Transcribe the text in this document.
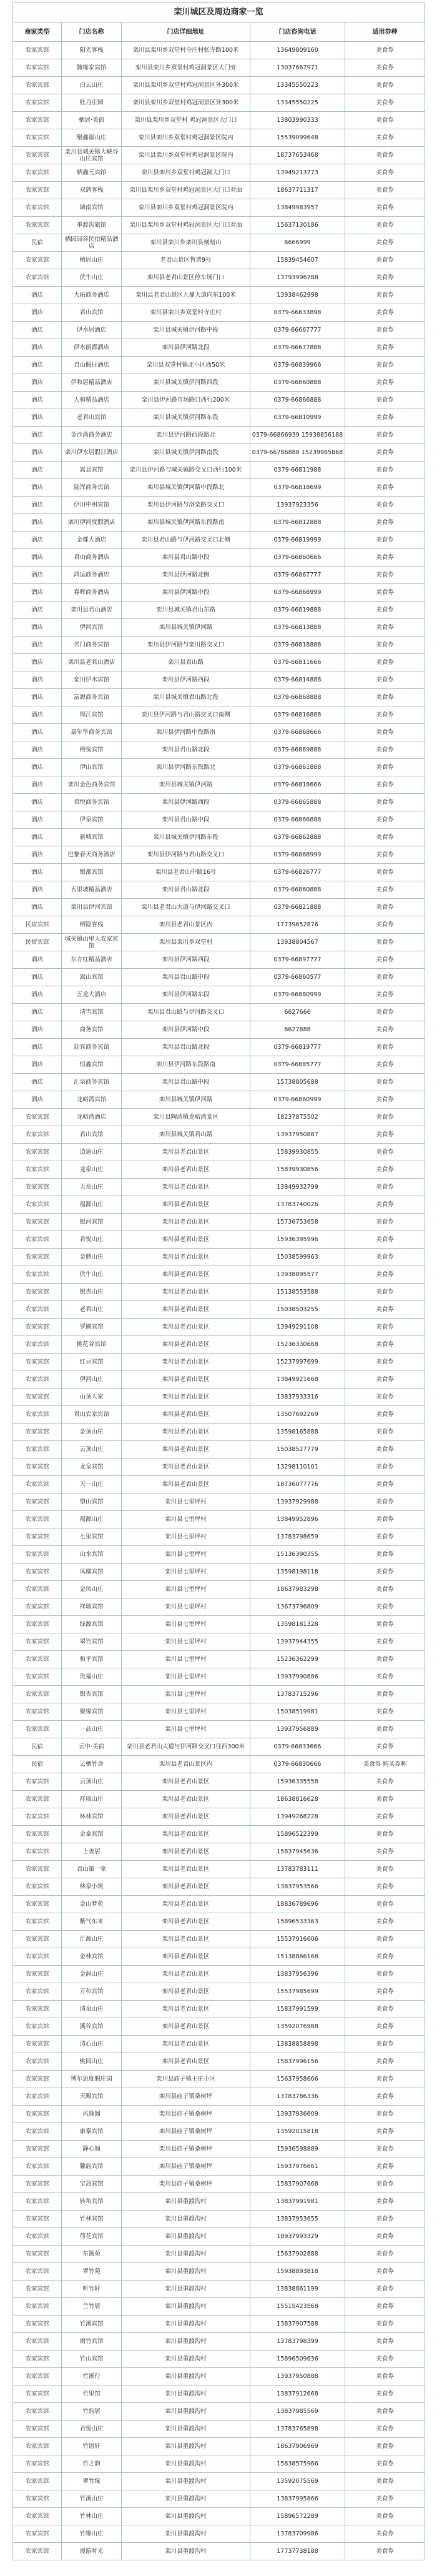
栾川城区及周边商家一览
商家类型	门店名称	门店详细地址	门店咨询电话	适用券种
农家宾馆	阳光客栈	栾川县栾川乡双堂村寺庄村张寺路100米	13649809160	美食券
农家宾馆	随缘家宾馆	栾川县栾川乡双堂村鸡冠洞景区大门旁	13037667971	美食券
农家宾馆	白云山庄	栾川县栾川乡双堂村鸡冠洞景区外300米	13345550223	美食券
农家宾馆	牡丹庄园	栾川县栾川乡双堂村鸡冠洞景区外300米	13345550225	美食券
农家宾馆	栖居·美宿	栾川县栾川乡双堂村 鸡冠洞景区大门口	13803990333	美食券
农家宾馆	聚鑫福山庄	栾川县栾川乡双堂村鸡冠洞景区院内	15539099648	美食券
农家宾馆	栾川县城关镇大峡谷山庄宾馆	栾川县栾川乡双堂村鸡冠洞景区院内	18737653468	美食券
农家宾馆	栖鑫元宾馆	栾川县栾川乡双堂村鸡冠洞大门口	13949213773	美食券
农家宾馆	双鸽客栈	栾川县栾川乡双堂村鸡冠洞景区大门口对面	18637711317	美食券
农家宾馆	城南宾馆	栾川县栾川乡双堂村鸡冠洞景区院内	13849983957	美食券
农家宾馆	重渡沟旅馆	栾川县栾川乡双堂村鸡冠洞景区大门口对面	15637130186	美食券
民宿	栖园园谷民宿精品酒店	栾川县栾川乡栾川县刻刻山	6666999	美食券
农家宾馆	栖居山庄	老君山景区售票9号	15839454607	美食券
农家宾馆	伏牛山庄	栾川县老君山景区停车场门口	13793996788	美食券
酒店	大拓商务酒店	栾川县老君山景区九鼎大道向东100米	13938462998	美食券
酒店	君山宾馆	栾川县栾川乡双堂村寺庄村	0379-66633898	美食券
酒店	伊水居酒店	栾川县城关镇伊河路中段	0379-66667777	美食券
酒店	伊水丽都酒店	栾川县伊河路北段	0379-66677888	美食券
酒店	君山假日酒店	栾川县双堂村镇北小区西50米	0379-66839966	美食券
酒店	伊和居精品酒店	栾川县城关镇伊河路西段	0379-66860888	美食券
酒店	人和精品酒店	栾川县伊河路市场路口西行200米	0379-66866888	美食券
酒店	老君山宾馆	栾川县城关镇伊河路东段	0379-66810999	美食券
酒店	金沙湾商务酒店	栾川县伊河路西段路北	0379-66866939 15938856188	美食券
酒店	栾川伊水居假日酒店	栾川县城关镇伊河路南段	0379-66786888 15239985868	美食券
酒店	嵩县宾馆	栾川县伊河路与城关镇路交叉口西行100米	0379-66811988	美食券
酒店	陆浑商务宾馆	栾川县城关镇伊河路中段路北	0379-66818699	美食券
酒店	伊川中州宾馆	栾川县伊河路与洛栾路交叉口	13937923356	美食券
酒店	栾川伊河度假酒店	栾川县城关镇伊河路东段路南	0379-66812888	美食券
酒店	金都大酒店	栾川县君山路与伊河路交叉口北侧	0379-66819999	美食券
酒店	君山商务酒店	栾川县君山路中段	0379-66860666	美食券
酒店	鸿运商务酒店	栾川县伊河路北侧	0379-66867777	美食券
酒店	春晖商务酒店	栾川县伊河路中段	0379-66866999	美食券
酒店	栾川县君山酒店	栾川县城关镇君山东路	0379-66819888	美食券
酒店	伊河宾馆	栾川县城关镇伊河路	0379-66813888	美食券
酒店	名门商务宾馆	栾川县伊河路与栾川路交叉口	0379-66818888	美食券
酒店	栾川县老君山酒店	栾川县君山路	0379-66811666	美食券
酒店	栾川伊水宾馆	栾川县伊河路西段	0379-66814888	美食券
酒店	富源商务宾馆	栾川县城关镇君山路北段	0379-66868888	美食券
酒店	锦江宾馆	栾川县伊河路与君山路交叉口南侧	0379-66816888	美食券
酒店	嘉年华商务宾馆	栾川县伊河路中段路南	0379-66868666	美食券
酒店	栖悦宾馆	栾川县君山路北段	0379-66869888	美食券
酒店	伊山宾馆	栾川县伊河路东段路北	0379-66861888	美食券
酒店	栾川金色商务宾馆	栾川县城关镇伊河路	0379-66818666	美食券
酒店	君悦商务宾馆	栾川县伊河路西段	0379-66865888	美食券
酒店	伊泉宾馆	栾川县君山路中段	0379-66866888	美食券
酒店	新城宾馆	栾川县城关镇伊河路东段	0379-66862888	美食券
酒店	巴黎春天商务酒店	栾川县伊河路与君山路交叉口	0379-66868999	美食券
酒店	银都宾馆	栾川县老君山中路16号	0379-66826777	美食券
酒店	五里坡精品酒店	栾川县君山路北段	0379-66860888	美食券
酒店	栾川县伊河宾馆	栾川县老君山大道与伊河路交叉口	0379-66821888	美食券
民宿宾馆	栖隐客栈	栾川县老君山景区内	17739652876	美食券
民宿宾馆	城关镇山里人农家宾馆	栾川县栾川乡双堂村	13938804567	美食券
酒店	东方红精品酒店	栾川县伊河路西段	0379-66897777	美食券
酒店	嵩山宾馆	栾川县君山路中段	0379-66860577	美食券
酒店	五龙大酒店	栾川县伊河路东段	0379-66880999	美食券
酒店	清雪宾馆	栾川县君山路与伊河路交叉口	6627666	美食券
酒店	商务宾馆	栾川县伊河路中段	6627888	美食券
酒店	迎宾商务宾馆	栾川县君山路北段	0379-66819777	美食券
酒店	恒鑫宾馆	栾川县伊河路东段路南	0379-66885777	美食券
酒店	汇泉商务宾馆	栾川县君山路中段	15738805688	美食券
酒店	龙峪湾宾馆	栾川县城关镇伊河路	0379-66860999	美食券
农家宾馆	龙峪湾酒店	栾川县陶湾镇龙峪湾景区	18237875502	美食券
农家宾馆	君山宾馆	栾川县城关镇君山路	13937950887	美食券
农家宾馆	逍遥山庄	栾川县老君山景区	15839930855	美食券
农家宾馆	龙泉山庄	栾川县老君山景区	15839930856	美食券
农家宾馆	天龙山庄	栾川县老君山景区	13849932799	美食券
农家宾馆	福源山庄	栾川县老君山景区	13783740026	美食券
农家宾馆	银河宾馆	栾川县老君山景区	15736753658	美食券
农家宾馆	君悦山庄	栾川县老君山景区	15936395996	美食券
农家宾馆	金鼎山庄	栾川县老君山景区	15038599963	美食券
农家宾馆	伏牛山庄	栾川县老君山景区	13938895577	美食券
农家宾馆	银杏山庄	栾川县老君山景区	15138553588	美食券
农家宾馆	老君山庄	栾川县老君山景区	15038503255	美食券
农家宾馆	罗圈宾馆	栾川县老君山景区	13949291108	美食券
农家宾馆	桃花谷宾馆	栾川县老君山景区	15236330668	美食券
农家宾馆	红豆宾馆	栾川县老君山景区	15237997699	美食券
农家宾馆	伊河山庄	栾川县老君山景区	13849921668	美食券
农家宾馆	山顶人家	栾川县老君山景区	13837933316	美食券
农家宾馆	君山农家宾馆	栾川县老君山景区	13507692269	美食券
农家宾馆	金顶山庄	栾川县老君山景区	13598165888	美食券
农家宾馆	云顶山庄	栾川县老君山景区	15038527779	美食券
农家宾馆	龙泉宾馆	栾川县老君山景区	13298110101	美食券
农家宾馆	天一山庄	栾川县老君山景区	18736077776	美食券
农家宾馆	望山宾馆	栾川县七里坪村	13937929988	美食券
农家宾馆	福源山庄	栾川县七里坪村	13849952896	美食券
农家宾馆	七里宾馆	栾川县七里坪村	13783798659	美食券
农家宾馆	山水宾馆	栾川县七里坪村	15136390355	美食券
农家宾馆	凤凰宾馆	栾川县七里坪村	13598198118	美食券
农家宾馆	金凤山庄	栾川县七里坪村	18637983298	美食券
农家宾馆	祥瑞宾馆	栾川县七里坪村	13673796809	美食券
农家宾馆	绿源宾馆	栾川县七里坪村	13598181328	美食券
农家宾馆	翠竹宾馆	栾川县七里坪村	13937944355	美食券
农家宾馆	和平宾馆	栾川县七里坪村	15236362299	美食券
农家宾馆	贵福山庄	栾川县七里坪村	13937990886	美食券
农家宾馆	银杏宾馆	栾川县七里坪村	13783715296	美食券
农家宾馆	聚缘宾馆	栾川县七里坪村	15038519981	美食券
农家宾馆	一品山庄	栾川县七里坪村	13937956889	美食券
民宿	云中·美宿	栾川县老君山大道与伊河路交叉口往西300米	0379-66833666	美食券
民宿	云栖竹舍	栾川县老君山景区内	0379-66830666	美食券 购买券种
农家宾馆	云顶山庄	栾川县老君山景区	15936335558	美食券
农家宾馆	祥瑞山庄	栾川县老君山景区	18638816628	美食券
农家宾馆	林林宾馆	栾川县老君山景区	13949268228	美食券
农家宾馆	金泰宾馆	栾川县老君山景区	15896522399	美食券
农家宾馆	上善居	栾川县老君山景区	15837945636	美食券
农家宾馆	君山第一家	栾川县老君山景区	13783783111	美食券
农家宾馆	林泉小筑	栾川县老君山景区	13837953566	美食券
农家宾馆	金山梦苑	栾川县老君山景区	18836789696	美食券
农家宾馆	紫气东来	栾川县老君山景区	15896533363	美食券
农家宾馆	汇源山庄	栾川县老君山景区	15537916606	美食券
农家宾馆	金林宾馆	栾川县老君山景区	15138866168	美食券
农家宾馆	金洞山庄	栾川县老君山景区	13837956396	美食券
农家宾馆	万和宾馆	栾川县老君山景区	15537985699	美食券
农家宾馆	清泉山庄	栾川县老君山景区	15837991599	美食券
农家宾馆	溪谷宾馆	栾川县老君山景区	13592076988	美食券
农家宾馆	清心山庄	栾川县老君山景区	13838858898	美食券
农家宾馆	桃园山庄	栾川县老君山景区	15837996156	美食券
农家宾馆	博尔思度假庄园	栾川县庙子镇王庄小区	15637958666	美食券
农家宾馆	天赐宾馆	栾川县庙子镇桑树坪	13783786336	美食券
农家宾馆	风逸阁	栾川县庙子镇桑树坪	13937936609	美食券
农家宾馆	康泰宾馆	栾川县庙子镇桑树坪	13592015818	美食券
农家宾馆	静心阁	栾川县庙子镇桑树坪	15936598889	美食券
农家宾馆	馨韵宾馆	栾川县庙子镇桑树坪	15937976661	美食券
农家宾馆	宝岛宾馆	栾川县庙子镇桑树坪	15837907668	美食券
农家宾馆	转角宾馆	栾川县重渡沟村	13837991981	美食券
农家宾馆	竹林宾馆	栾川县重渡沟村	13837953655	美食券
农家宾馆	荷花宾馆	栾川县重渡沟村	18937993329	美食券
农家宾馆	东篱苑	栾川县重渡沟村	15637902888	美食券
农家宾馆	翠竹苑	栾川县重渡沟村	15938893818	美食券
农家宾馆	听竹轩	栾川县重渡沟村	13838861199	美食券
农家宾馆	兰竹居	栾川县重渡沟村	15515423568	美食券
农家宾馆	竹溪宾馆	栾川县重渡沟村	13837907588	美食券
农家宾馆	雨竹宾馆	栾川县重渡沟村	13783798399	美食券
农家宾馆	竹山宾馆	栾川县重渡沟村	15896509636	美食券
农家宾馆	竹溪行	栾川县重渡沟村	13937950888	美食券
农家宾馆	竹里馆	栾川县重渡沟村	13837912668	美食券
农家宾馆	竹韵居	栾川县重渡沟村	13837985569	美食券
农家宾馆	君悦山庄	栾川县重渡沟村	13783765898	美食券
农家宾馆	竹语轩	栾川县重渡沟村	18637906969	美食券
农家宾馆	竹之韵	栾川县重渡沟村	15838575966	美食券
农家宾馆	翠竹缘	栾川县重渡沟村	13592075569	美食券
农家宾馆	竹溪山庄	栾川县重渡沟村	13837995866	美食券
农家宾馆	竹林山庄	栾川县重渡沟村	15896572289	美食券
农家宾馆	竹缘山庄	栾川县重渡沟村	13783709986	美食券
农家宾馆	漫游时光	栾川县重渡沟村	17737738188	美食券
